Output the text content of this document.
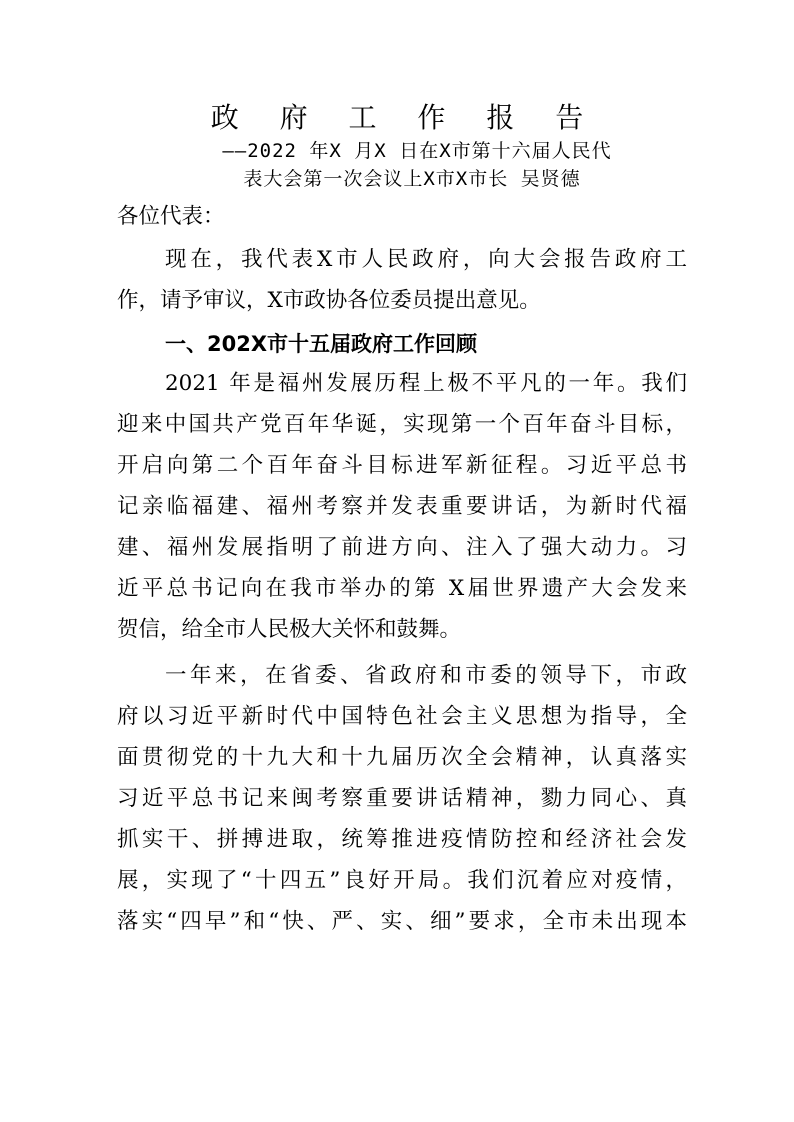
政 府 工 作 报 告
——2022 年X 月X 日在X市第十六届人民代
表大会第一次会议上X市X市长 吴贤德
各位代表：
现在，我代表X市人民政府，向大会报告政府工
作，请予审议，X市政协各位委员提出意见。
一、202X市十五届政府工作回顾
2021 年是福州发展历程上极不平凡的一年。我们
迎来中国共产党百年华诞，实现第一个百年奋斗目标，
开启向第二个百年奋斗目标进军新征程。习近平总书
记亲临福建、福州考察并发表重要讲话，为新时代福
建、福州发展指明了前进方向、注入了强大动力。习
近平总书记向在我市举办的第 X届世界遗产大会发来
贺信，给全市人民极大关怀和鼓舞。
一年来，在省委、省政府和市委的领导下，市政
府以习近平新时代中国特色社会主义思想为指导，全
面贯彻党的十九大和十九届历次全会精神，认真落实
习近平总书记来闽考察重要讲话精神，勠力同心、真
抓实干、拼搏进取，统筹推进疫情防控和经济社会发
展，实现了“十四五”良好开局。我们沉着应对疫情，
落实“四早”和“快、严、实、细”要求，全市未出现本
